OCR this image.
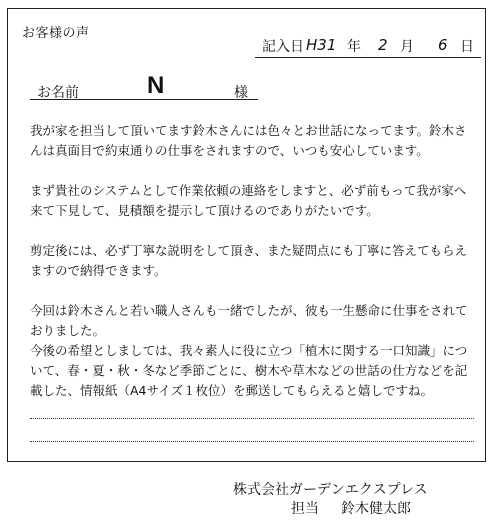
お客様の声
記入日 H31 年 2 月 6 日
お名前	N	様

我が家を担当して頂いてます鈴木さんには色々とお世話になってます。鈴木さんは真面目で約束通りの仕事をされますので、いつも安心しています。

まず貴社のシステムとして作業依頼の連絡をしますと、必ず前もって我が家へ来て下見して、見積額を提示して頂けるのでありがたいです。

剪定後には、必ず丁寧な説明をして頂き、また疑問点にも丁寧に答えてもらえますので納得できます。

今回は鈴木さんと若い職人さんも一緒でしたが、彼も一生懸命に仕事をされておりました。

今後の希望としましては、我々素人に役に立つ「植木に関する一口知識」について、春・夏・秋・冬など季節ごとに、樹木や草木などの世話の仕方などを記載した、情報紙（A4サイズ１枚位）を郵送してもらえると嬉しですね。

株式会社ガーデンエクスプレス
担当 鈴木健太郎
